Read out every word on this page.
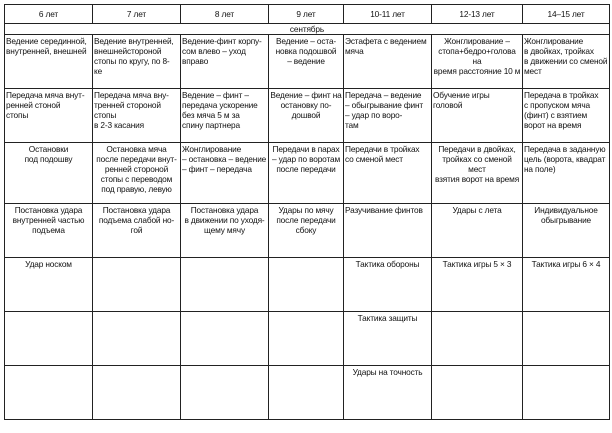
6 лет	7 лет	8 лет	9 лет	10-11 лет	12-13 лет	14–15 лет
сентябрь						

Ведение серединной,
внутренней, внешней	Ведение внутренней,
внешнейстороной
стопы по кругу, по 8-
ке	Ведение-финт корпу-
сом влево – уход
вправо	Ведение – оста-
новка подошвой
– ведение	Эстафета с ведением
мяча	Жонглирование –
стопа+бедро+голова на
время расстояние 10 м	Жонглирование
в двойках, тройках
в движении со сменой
мест

Передача мяча внут-
ренней стоной
стопы	Передача мяча вну-
тренней стороной
стопы
в 2-3 касания	Ведение – финт –
передача ускорение
без мяча 5 м за
спину партнера	Ведение – финт на
остановку по-
дошвой	Передача – ведение
– обыгрывание финт
– удар по воро-
там	Обучение игры головой	Передача в тройках
с пропуском мяча
(финт) с взятием
ворот на время

Остановки
под подошву	Остановка мяча
после передачи внут-
ренней стороной
стопы с переводом
под правую, левую	Жонглирование
– остановка – ведение
– финт – передача	Передачи в парах
– удар по воротам
после передачи	Передачи в тройках
со сменой мест	Передачи в двойках,
тройках со сменой мест
взятия ворот на время	Передача в заданную
цель (ворота, квадрат
на поле)

Постановка удара
внутренней частью
подъема	Постановка удара
подъема слабой но-
гой	Постановка удара
в движении по уходя-
щему мячу	Удары по мячу
после передачи
сбоку	Разучивание финтов	Удары с лета	Индивидуальное
обыгрывание

Удар носком				Тактика обороны	Тактика игры 5 × 3	Тактика игры 6 × 4

				Тактика защиты		

				Удары на точность		
